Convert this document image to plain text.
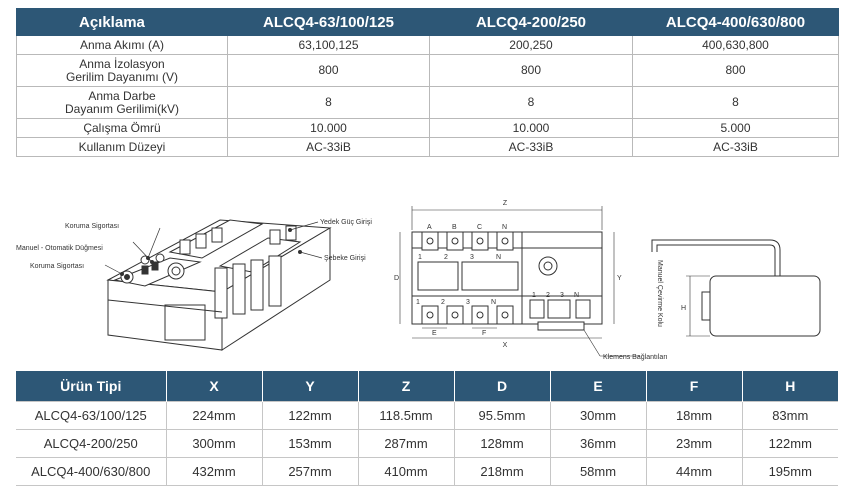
Açıklama	ALCQ4-63/100/125	ALCQ4-200/250	ALCQ4-400/630/800
Anma Akımı (A)	63,100,125	200,250	400,630,800
Anma İzolasyon
Gerilim Dayanımı (V)	800	800	800
Anma Darbe
Dayanım Gerilimi(kV)	8	8	8
Çalışma Ömrü	10.000	10.000	5.000
Kullanım Düzeyi	AC-33iB	AC-33iB	AC-33iB
Koruma Sigortası
Manuel - Otomatik Düğmesi
Koruma Sigortası
Yedek Güç Girişi
Şebeke Girişi
Z
D	Y
X
E	F
A	B	C	N
1	2	3	N
1	2	3	N
1 2 3 N
Klemens Bağlantıları
H
Manuel Çevirme Kolu
Ürün Tipi	X	Y	Z	D	E	F	H
ALCQ4-63/100/125	224mm	122mm	118.5mm	95.5mm	30mm	18mm	83mm
ALCQ4-200/250	300mm	153mm	287mm	128mm	36mm	23mm	122mm
ALCQ4-400/630/800	432mm	257mm	410mm	218mm	58mm	44mm	195mm
